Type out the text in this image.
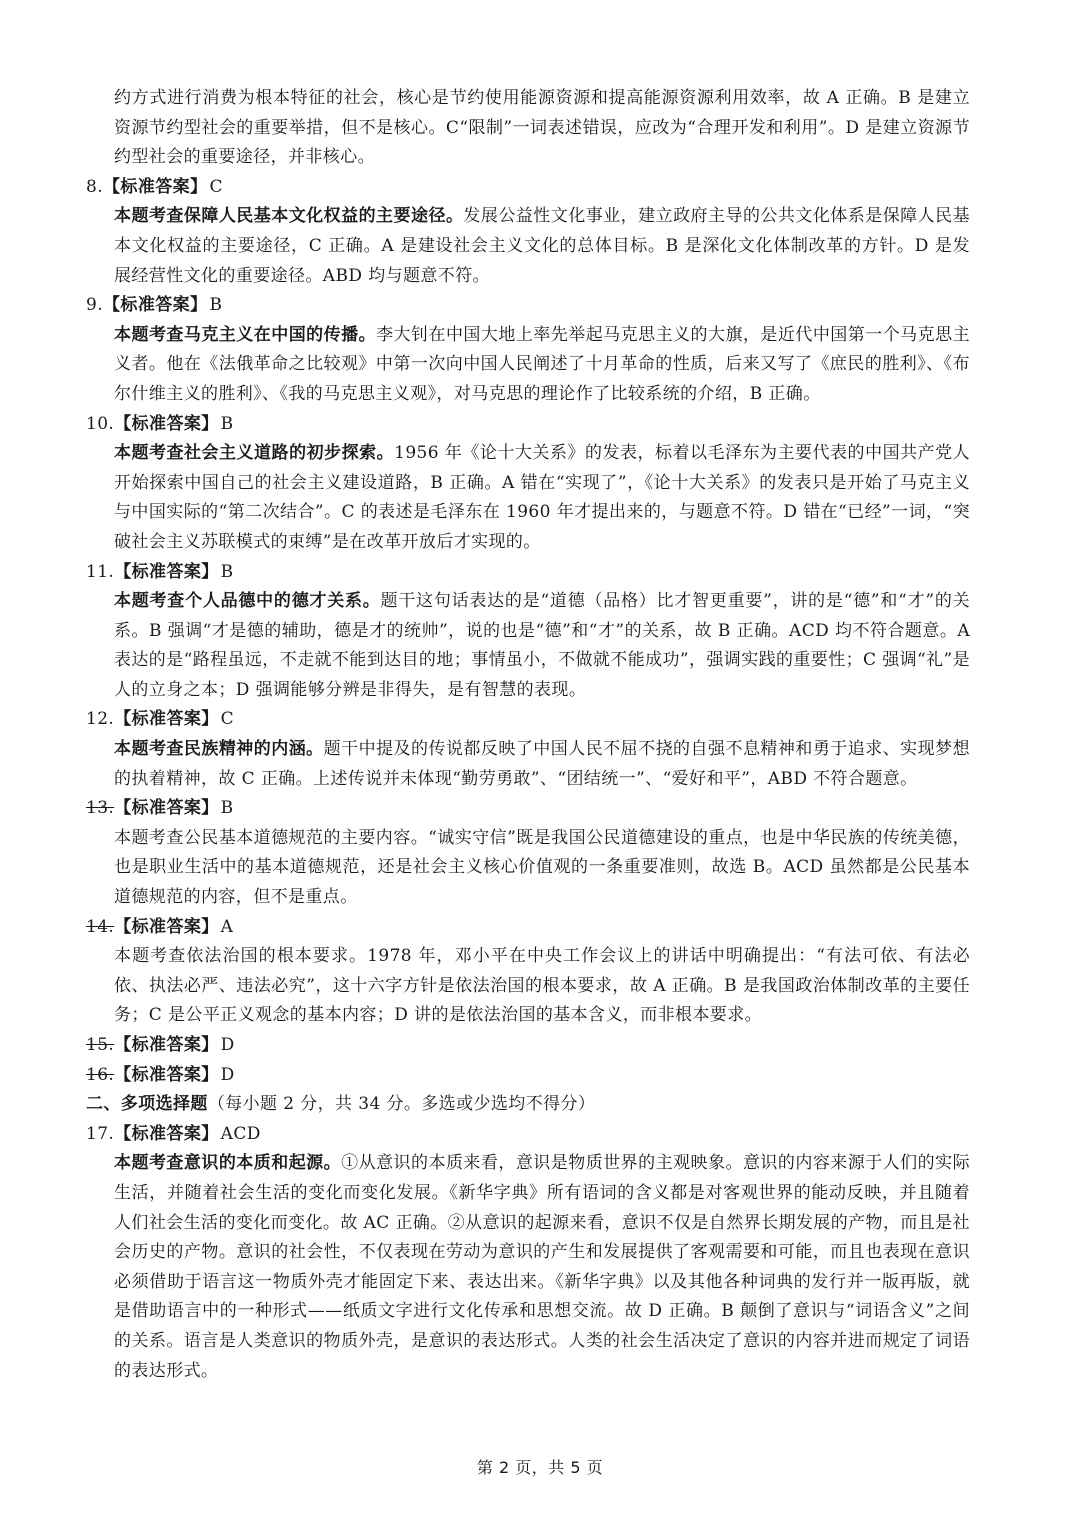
约方式进行消费为根本特征的社会，核心是节约使用能源资源和提高能源资源利用效率，故 A 正确。B 是建立资源节约型社会的重要举措，但不是核心。C“限制”一词表述错误，应改为“合理开发和利用”。D 是建立资源节约型社会的重要途径，并非核心。

8. 【标准答案】 C

本题考查保障人民基本文化权益的主要途径。发展公益性文化事业，建立政府主导的公共文化体系是保障人民基本文化权益的主要途径，C 正确。A 是建设社会主义文化的总体目标。B 是深化文化体制改革的方针。D 是发展经营性文化的重要途径。ABD 均与题意不符。

9. 【标准答案】 B

本题考查马克主义在中国的传播。李大钊在中国大地上率先举起马克思主义的大旗，是近代中国第一个马克思主义者。他在《法俄革命之比较观》中第一次向中国人民阐述了十月革命的性质，后来又写了《庶民的胜利》、《布尔什维主义的胜利》、《我的马克思主义观》，对马克思的理论作了比较系统的介绍，B 正确。

10. 【标准答案】 B

本题考查社会主义道路的初步探索。1956 年《论十大关系》的发表，标着以毛泽东为主要代表的中国共产党人开始探索中国自己的社会主义建设道路，B 正确。A 错在“实现了”，《论十大关系》的发表只是开始了马克主义与中国实际的“第二次结合”。C 的表述是毛泽东在 1960 年才提出来的，与题意不符。D 错在“已经”一词，“突破社会主义苏联模式的束缚”是在改革开放后才实现的。

11. 【标准答案】 B

本题考查个人品德中的德才关系。题干这句话表达的是“道德（品格）比才智更重要”，讲的是“德”和“才”的关系。B 强调“才是德的辅助，德是才的统帅”，说的也是“德”和“才”的关系，故 B 正确。ACD 均不符合题意。A 表达的是“路程虽远，不走就不能到达目的地；事情虽小，不做就不能成功”，强调实践的重要性；C 强调“礼”是人的立身之本；D 强调能够分辨是非得失，是有智慧的表现。

12. 【标准答案】 C

本题考查民族精神的内涵。题干中提及的传说都反映了中国人民不屈不挠的自强不息精神和勇于追求、实现梦想的执着精神，故 C 正确。上述传说并未体现“勤劳勇敢”、“团结统一”、“爱好和平”，ABD 不符合题意。

13. 【标准答案】 B

本题考查公民基本道德规范的主要内容。“诚实守信”既是我国公民道德建设的重点，也是中华民族的传统美德，也是职业生活中的基本道德规范，还是社会主义核心价值观的一条重要准则，故选 B。ACD 虽然都是公民基本道德规范的内容，但不是重点。

14. 【标准答案】 A

本题考查依法治国的根本要求。1978 年，邓小平在中央工作会议上的讲话中明确提出：“有法可依、有法必依、执法必严、违法必究”，这十六字方针是依法治国的根本要求，故 A 正确。B 是我国政治体制改革的主要任务；C 是公平正义观念的基本内容；D 讲的是依法治国的基本含义，而非根本要求。

15. 【标准答案】 D

16. 【标准答案】 D

二、多项选择题（每小题 2 分，共 34 分。多选或少选均不得分）

17. 【标准答案】 ACD

本题考查意识的本质和起源。①从意识的本质来看，意识是物质世界的主观映象。意识的内容来源于人们的实际生活，并随着社会生活的变化而变化发展。《新华字典》所有语词的含义都是对客观世界的能动反映，并且随着人们社会生活的变化而变化。故 AC 正确。②从意识的起源来看，意识不仅是自然界长期发展的产物，而且是社会历史的产物。意识的社会性，不仅表现在劳动为意识的产生和发展提供了客观需要和可能，而且也表现在意识必须借助于语言这一物质外壳才能固定下来、表达出来。《新华字典》以及其他各种词典的发行并一版再版，就是借助语言中的一种形式——纸质文字进行文化传承和思想交流。故 D 正确。B 颠倒了意识与“词语含义”之间的关系。语言是人类意识的物质外壳，是意识的表达形式。人类的社会生活决定了意识的内容并进而规定了词语的表达形式。

第 2 页，共 5 页
